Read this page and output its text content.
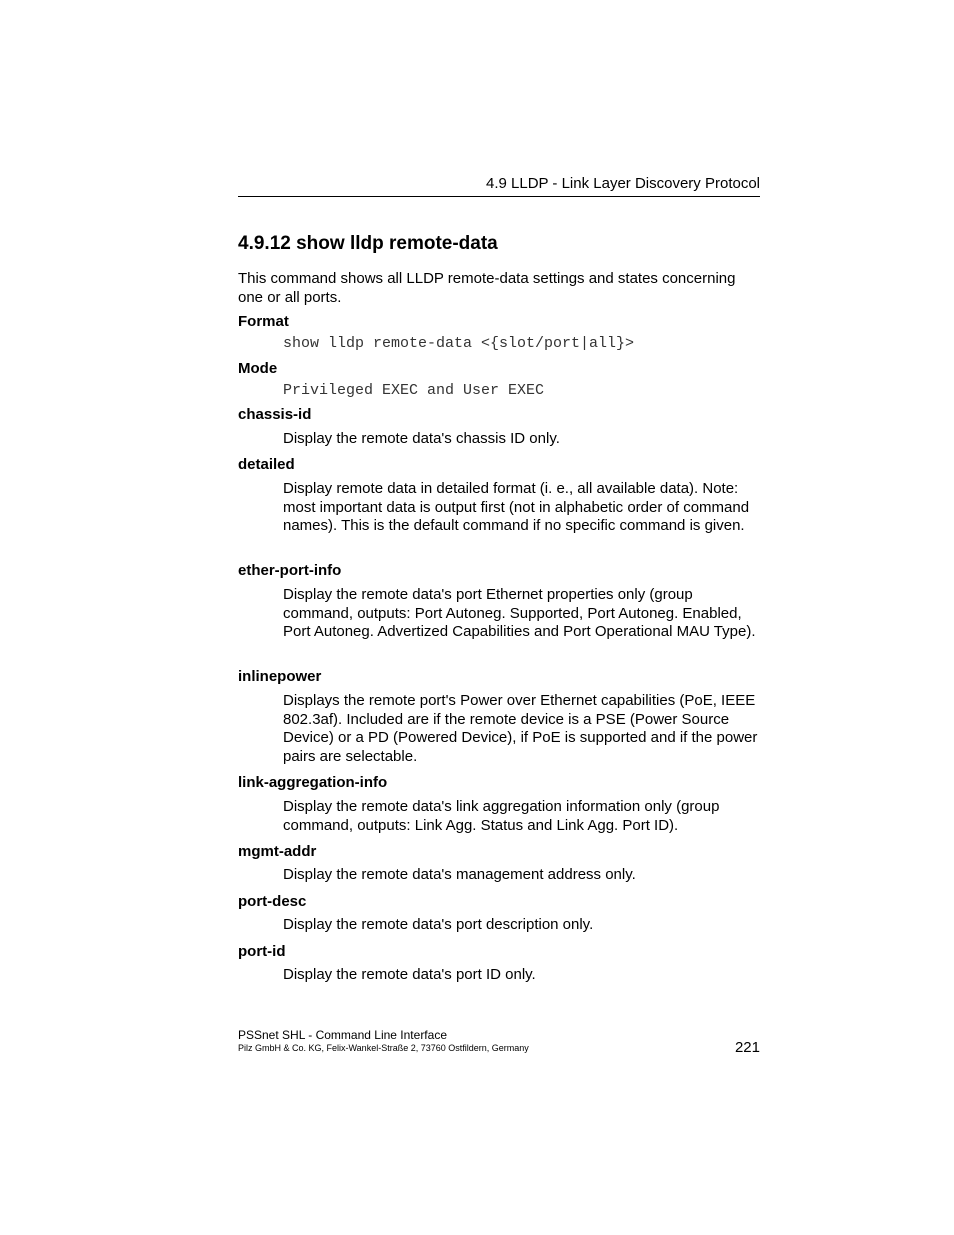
4.9 LLDP - Link Layer Discovery Protocol
4.9.12 show lldp remote-data

This command shows all LLDP remote-data settings and states concerning one or all ports.

Format
show lldp remote-data <{slot/port|all}>
Mode
Privileged EXEC and User EXEC
chassis-id

Display the remote data's chassis ID only.

detailed

Display remote data in detailed format (i. e., all available data). Note: most important data is output first (not in alphabetic order of command names). This is the default command if no specific command is given.

ether-port-info

Display the remote data's port Ethernet properties only (group command, outputs: Port Autoneg. Supported, Port Autoneg. Enabled, Port Autoneg. Advertized Capabilities and Port Operational MAU Type).

inlinepower

Displays the remote port's Power over Ethernet capabilities (PoE, IEEE 802.3af). Included are if the remote device is a PSE (Power Source Device) or a PD (Powered Device), if PoE is supported and if the power pairs are selectable.

link-aggregation-info

Display the remote data's link aggregation information only (group command, outputs: Link Agg. Status and Link Agg. Port ID).

mgmt-addr

Display the remote data's management address only.

port-desc

Display the remote data's port description only.

port-id

Display the remote data's port ID only.

PSSnet SHL - Command Line Interface
Pilz GmbH & Co. KG, Felix-Wankel-Straße 2, 73760 Ostfildern, Germany	221
